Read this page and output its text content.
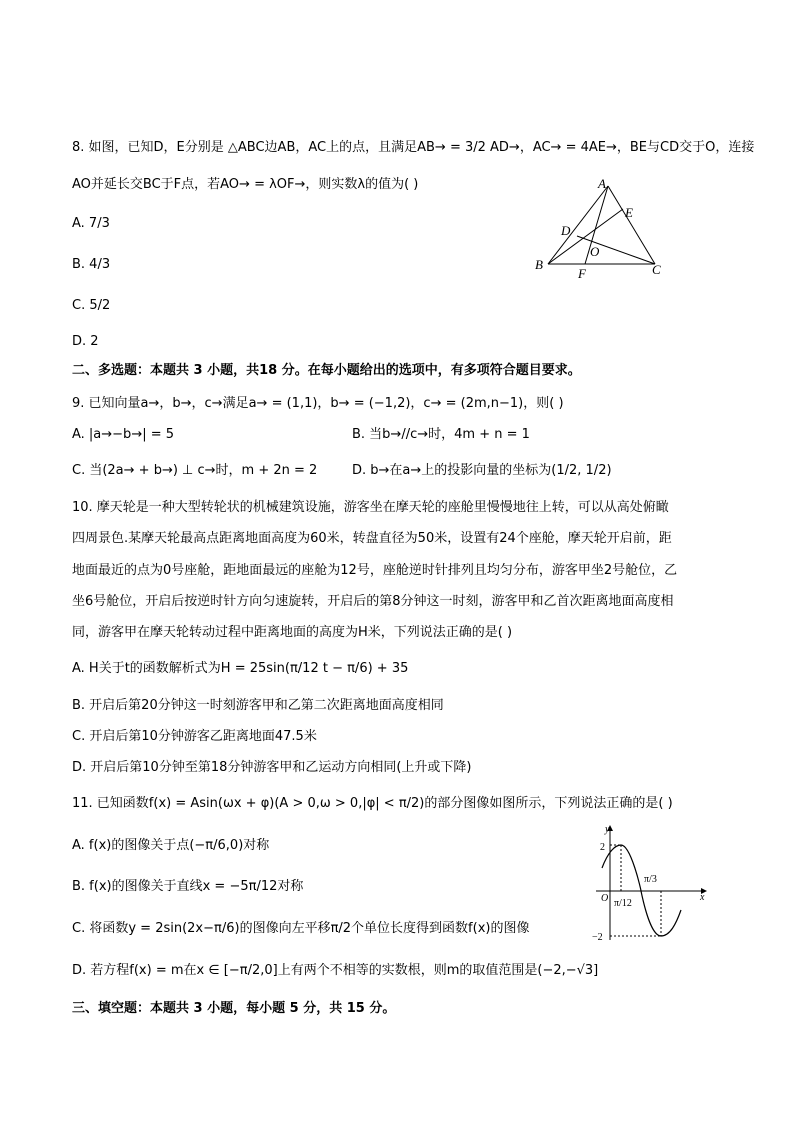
8. 如图，已知D，E分别是 △ABC边AB，AC上的点，且满足AB→ = 3/2 AD→，AC→ = 4AE→，BE与CD交于O，连接
AO并延长交BC于F点，若AO→ = λOF→，则实数λ的值为( )
A. 7/3
B. 4/3
C. 5/2
D. 2
A
E
D
O
B
F	C
二、多选题：本题共 3 小题，共18 分。在每小题给出的选项中，有多项符合题目要求。
9. 已知向量a→，b→，c→满足a→ = (1,1)，b→ = (−1,2)，c→ = (2m,n−1)，则( )
A. |a→−b→| = 5	B. 当b→//c→时，4m + n = 1
C. 当(2a→ + b→) ⊥ c→时，m + 2n = 2	D. b→在a→上的投影向量的坐标为(1/2, 1/2)
10. 摩天轮是一种大型转轮状的机械建筑设施，游客坐在摩天轮的座舱里慢慢地往上转，可以从高处俯瞰
四周景色.某摩天轮最高点距离地面高度为60米，转盘直径为50米，设置有24个座舱，摩天轮开启前，距
地面最近的点为0号座舱，距地面最远的座舱为12号，座舱逆时针排列且均匀分布，游客甲坐2号舱位，乙
坐6号舱位，开启后按逆时针方向匀速旋转，开启后的第8分钟这一时刻，游客甲和乙首次距离地面高度相
同，游客甲在摩天轮转动过程中距离地面的高度为H米，下列说法正确的是( )
A. H关于t的函数解析式为H = 25sin(π/12 t − π/6) + 35
B. 开启后第20分钟这一时刻游客甲和乙第二次距离地面高度相同
C. 开启后第10分钟游客乙距离地面47.5米
D. 开启后第10分钟至第18分钟游客甲和乙运动方向相同(上升或下降)
11. 已知函数f(x) = Asin(ωx + φ)(A > 0,ω > 0,|φ| < π/2)的部分图像如图所示，下列说法正确的是( )
A. f(x)的图像关于点(−π/6,0)对称
B. f(x)的图像关于直线x = −5π/12对称
C. 将函数y = 2sin(2x−π/6)的图像向左平移π/2个单位长度得到函数f(x)的图像
D. 若方程f(x) = m在x ∈ [−π/2,0]上有两个不相等的实数根，则m的取值范围是(−2,−√3]
y
x
2
−2
O π/12
π/3
三、填空题：本题共 3 小题，每小题 5 分，共 15 分。
